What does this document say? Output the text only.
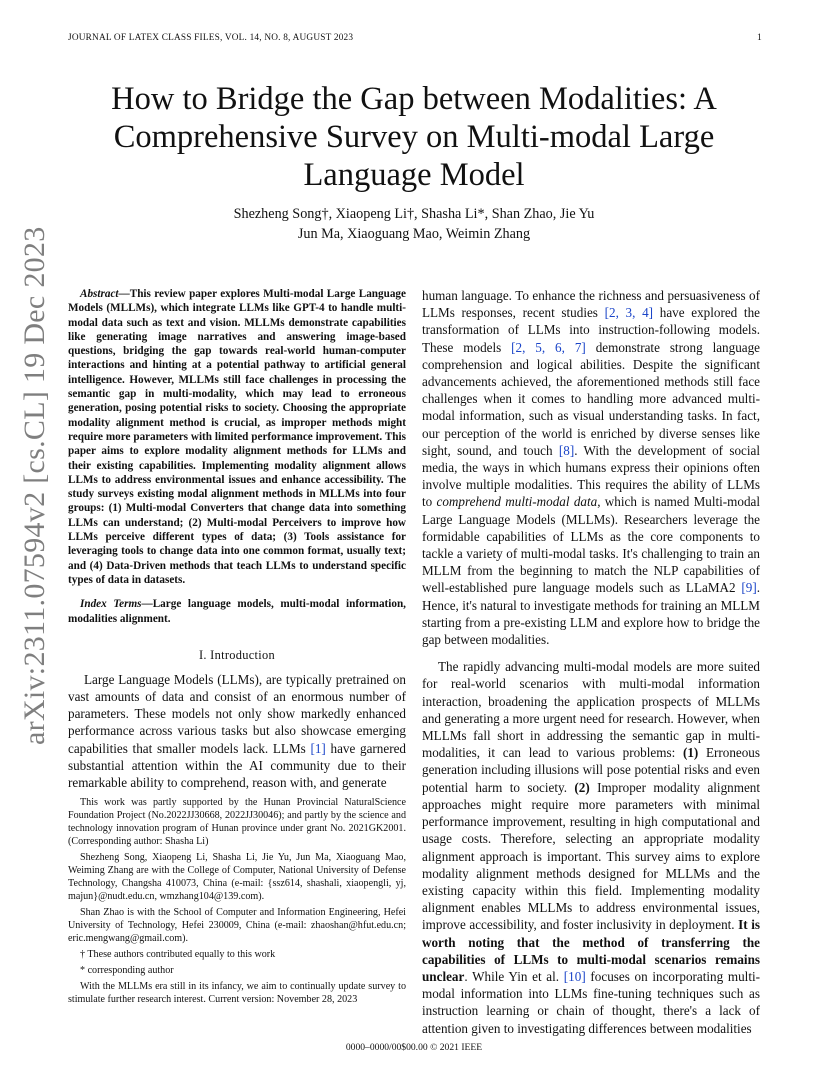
JOURNAL OF LATEX CLASS FILES, VOL. 14, NO. 8, AUGUST 2023	1
arXiv:2311.07594v2 [cs.CL] 19 Dec 2023
How to Bridge the Gap between Modalities: A Comprehensive Survey on Multi-modal Large Language Model
Shezheng Song†, Xiaopeng Li†, Shasha Li*, Shan Zhao, Jie Yu
Jun Ma, Xiaoguang Mao, Weimin Zhang

Abstract—This review paper explores Multi-modal Large Language Models (MLLMs), which integrate LLMs like GPT-4 to handle multi-modal data such as text and vision. MLLMs demonstrate capabilities like generating image narratives and answering image-based questions, bridging the gap towards real-world human-computer interactions and hinting at a potential pathway to artificial general intelligence. However, MLLMs still face challenges in processing the semantic gap in multi-modality, which may lead to erroneous generation, posing potential risks to society. Choosing the appropriate modality alignment method is crucial, as improper methods might require more parameters with limited performance improvement. This paper aims to explore modality alignment methods for LLMs and their existing capabilities. Implementing modality alignment allows LLMs to address environmental issues and enhance accessibility. The study surveys existing modal alignment methods in MLLMs into four groups: (1) Multi-modal Converters that change data into something LLMs can understand; (2) Multi-modal Perceivers to improve how LLMs perceive different types of data; (3) Tools assistance for leveraging tools to change data into one common format, usually text; and (4) Data-Driven methods that teach LLMs to understand specific types of data in datasets.

Index Terms—Large language models, multi-modal information, modalities alignment.

I. Introduction

Large Language Models (LLMs), are typically pretrained on vast amounts of data and consist of an enormous number of parameters. These models not only show markedly enhanced performance across various tasks but also showcase emerging capabilities that smaller models lack. LLMs [1] have garnered substantial attention within the AI community due to their remarkable ability to comprehend, reason with, and generate

This work was partly supported by the Hunan Provincial NaturalScience Foundation Project (No.2022JJ30668, 2022JJ30046); and partly by the science and technology innovation program of Hunan province under grant No. 2021GK2001. (Corresponding author: Shasha Li)

Shezheng Song, Xiaopeng Li, Shasha Li, Jie Yu, Jun Ma, Xiaoguang Mao, Weiming Zhang are with the College of Computer, National University of Defense Technology, Changsha 410073, China (e-mail: {ssz614, shashali, xiaopengli, yj, majun}@nudt.edu.cn, wmzhang104@139.com).

Shan Zhao is with the School of Computer and Information Engineering, Hefei University of Technology, Hefei 230009, China (e-mail: zhaoshan@hfut.edu.cn; eric.mengwang@gmail.com).

† These authors contributed equally to this work

* corresponding author

With the MLLMs era still in its infancy, we aim to continually update survey to stimulate further research interest. Current version: November 28, 2023

human language. To enhance the richness and persuasiveness of LLMs responses, recent studies [2, 3, 4] have explored the transformation of LLMs into instruction-following models. These models [2, 5, 6, 7] demonstrate strong language comprehension and logical abilities. Despite the significant advancements achieved, the aforementioned methods still face challenges when it comes to handling more advanced multi-modal information, such as visual understanding tasks. In fact, our perception of the world is enriched by diverse senses like sight, sound, and touch [8]. With the development of social media, the ways in which humans express their opinions often involve multiple modalities. This requires the ability of LLMs to comprehend multi-modal data, which is named Multi-modal Large Language Models (MLLMs). Researchers leverage the formidable capabilities of LLMs as the core components to tackle a variety of multi-modal tasks. It's challenging to train an MLLM from the beginning to match the NLP capabilities of well-established pure language models such as LLaMA2 [9]. Hence, it's natural to investigate methods for training an MLLM starting from a pre-existing LLM and explore how to bridge the gap between modalities.

The rapidly advancing multi-modal models are more suited for real-world scenarios with multi-modal information interaction, broadening the application prospects of MLLMs and generating a more urgent need for research. However, when MLLMs fall short in addressing the semantic gap in multi-modalities, it can lead to various problems: (1) Erroneous generation including illusions will pose potential risks and even potential harm to society. (2) Improper modality alignment approaches might require more parameters with minimal performance improvement, resulting in high computational and usage costs. Therefore, selecting an appropriate modality alignment approach is important. This survey aims to explore modality alignment methods designed for MLLMs and the existing capacity within this field. Implementing modality alignment enables MLLMs to address environmental issues, improve accessibility, and foster inclusivity in deployment. It is worth noting that the method of transferring the capabilities of LLMs to multi-modal scenarios remains unclear. While Yin et al. [10] focuses on incorporating multi-modal information into LLMs fine-tuning techniques such as instruction learning or chain of thought, there's a lack of attention given to investigating differences between modalities

0000–0000/00$00.00 © 2021 IEEE
